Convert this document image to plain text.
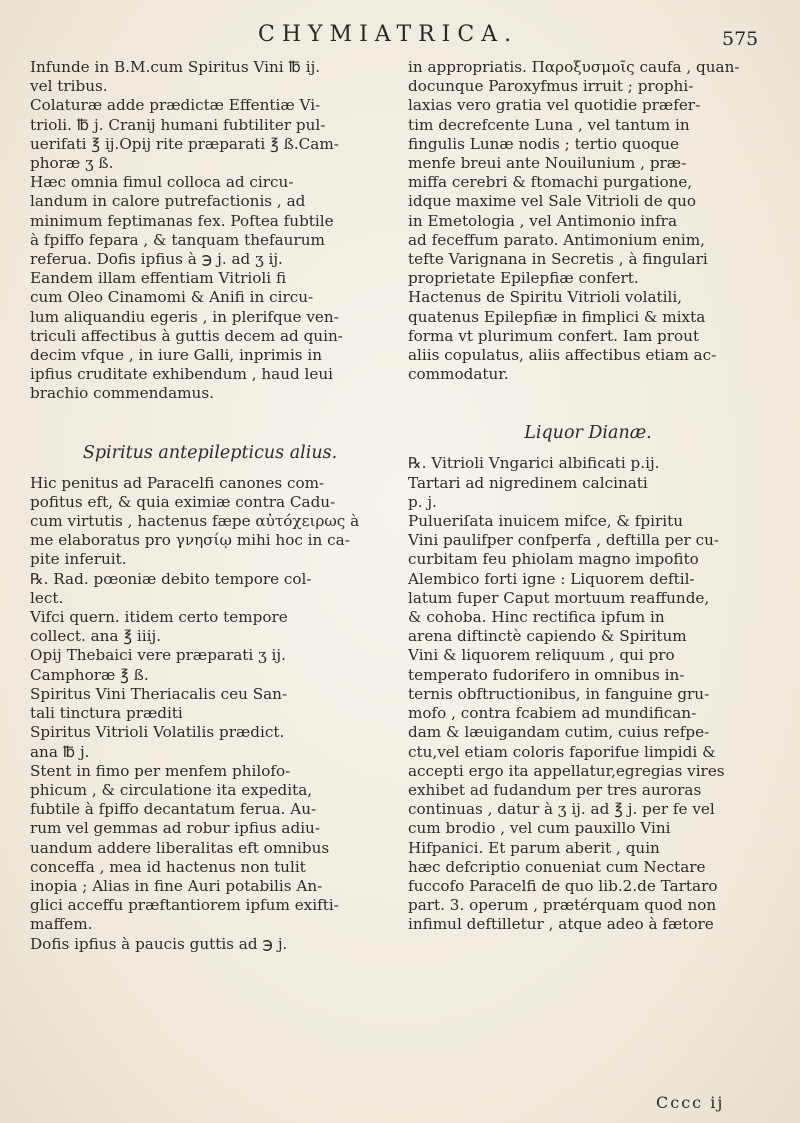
CHYMIATRICA.	575
Infunde in B.M.cum Spiritus Vini ℔ ij.
vel tribus.
Colaturæ adde prædictæ Effentiæ Vi-
trioli. ℔ j. Cranij humani fubtiliter pul-
uerifati ℥ ij.Opij rite præparati ℥ ß.Cam-
phoræ ʒ ß.
Hæc omnia fimul colloca ad circu-
landum in calore putrefactionis , ad
minimum feptimanas fex. Poftea fubtile
à fpiffo fepara , & tanquam thefaurum
referua. Dofis ipfius à ℈ j. ad ʒ ij.
Eandem illam effentiam Vitrioli fi
cum Oleo Cinamomi & Anifi in circu-
lum aliquandiu egeris , in plerifque ven-
triculi affectibus à guttis decem ad quin-
decim vfque , in iure Galli, inprimis in
ipfius cruditate exhibendum , haud leui
brachio commendamus.
Spiritus antepilepticus alius.
Hic penitus ad Paracelfi canones com-
pofitus eft, & quia eximiæ contra Cadu-
cum virtutis , hactenus fæpe αὐτόχειρως à
me elaboratus pro γνησίῳ mihi hoc in ca-
pite inferuit.
℞. Rad. pœoniæ debito tempore col-
lect.
Vifci quern. itidem certo tempore
collect. ana ℥ iiij.
Opij Thebaici vere præparati ʒ ij.
Camphoræ ℥ ß.
Spiritus Vini Theriacalis ceu San-
tali tinctura præditi
Spiritus Vitrioli Volatilis prædict.
ana ℔ j.
Stent in fimo per menfem philofo-
phicum , & circulatione ita expedita,
fubtile à fpiffo decantatum ferua. Au-
rum vel gemmas ad robur ipfius adiu-
uandum addere liberalitas eft omnibus
conceffa , mea id hactenus non tulit
inopia ; Alias in fine Auri potabilis An-
glici acceffu præftantiorem ipfum exifti-
maffem.
Dofis ipfius à paucis guttis ad ℈ j.
in appropriatis. Παροξυσμοῖς caufa , quan-
docunque Paroxyfmus irruit ; prophi-
laxias vero gratia vel quotidie præfer-
tim decrefcente Luna , vel tantum in
fingulis Lunæ nodis ; tertio quoque
menfe breui ante Nouilunium , præ-
miffa cerebri & ftomachi purgatione,
idque maxime vel Sale Vitrioli de quo
in Emetologia , vel Antimonio infra
ad feceffum parato. Antimonium enim,
tefte Varignana in Secretis , à fingulari
proprietate Epilepfiæ confert.
Hactenus de Spiritu Vitrioli volatili,
quatenus Epilepfiæ in fimplici & mixta
forma vt plurimum confert. Iam prout
aliis copulatus, aliis affectibus etiam ac-
commodatur.
Liquor Dianæ.
℞. Vitrioli Vngarici albificati p.ij.
Tartari ad nigredinem calcinati
p. j.
Pulueriſata inuicem mifce, & fpiritu
Vini paulifper confperfa , deftilla per cu-
curbitam feu phiolam magno impofito
Alembico forti igne : Liquorem deftil-
latum fuper Caput mortuum reaffunde,
& cohoba. Hinc rectifica ipfum in
arena diftinctè capiendo & Spiritum
Vini & liquorem reliquum , qui pro
temperato fudorifero in omnibus in-
ternis obftructionibus, in fanguine gru-
mofo , contra fcabiem ad mundifican-
dam & læuigandam cutim, cuius refpe-
ctu,vel etiam coloris faporifue limpidi &
accepti ergo ita appellatur,egregias vires
exhibet ad fudandum per tres auroras
continuas , datur à ʒ ij. ad ℥ j. per fe vel
cum brodio , vel cum pauxillo Vini
Hifpanici. Et parum aberit , quin
hæc defcriptio conueniat cum Nectare
fuccofo Paracelfi de quo lib.2.de Tartaro
part. 3. operum , prætérquam quod non
infimul deftilletur , atque adeo à fætore
Cccc ij
